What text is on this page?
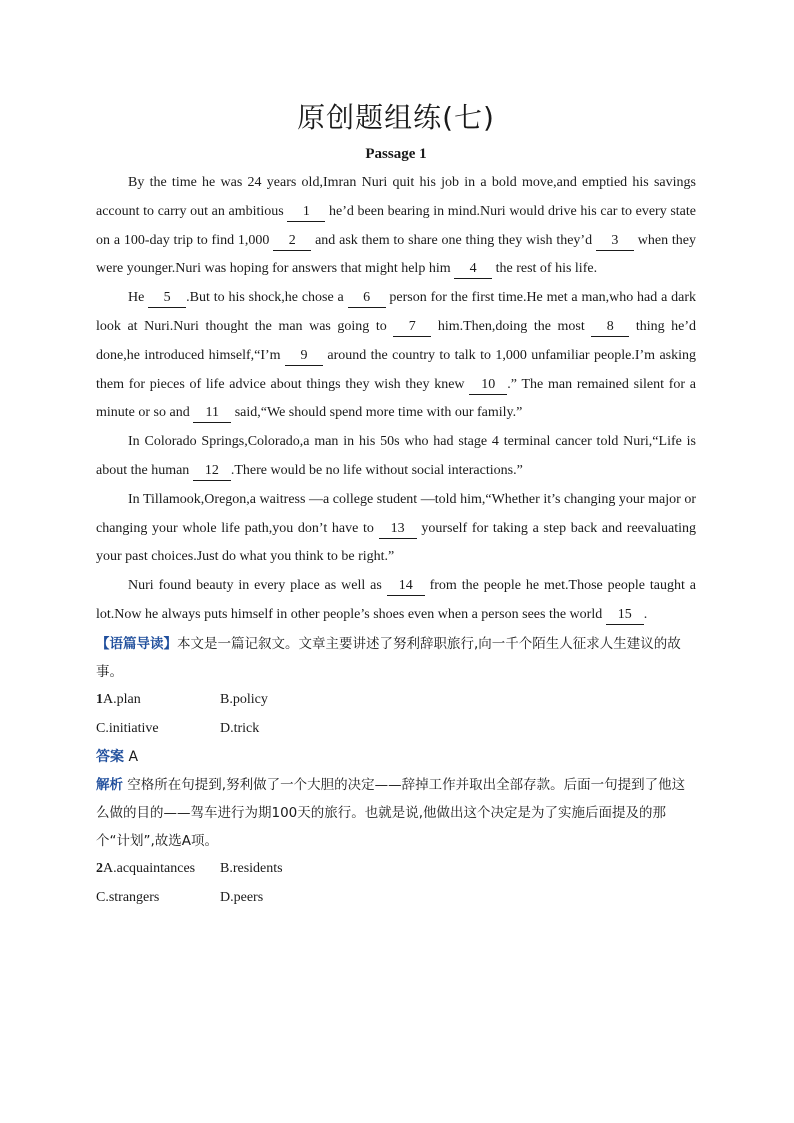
原创题组练(七)
Passage 1

By the time he was 24 years old,Imran Nuri quit his job in a bold move,and emptied his savings account to carry out an ambitious 1 he’d been bearing in mind.Nuri would drive his car to every state on a 100-day trip to find 1,000 2 and ask them to share one thing they wish they’d 3 when they were younger.Nuri was hoping for answers that might help him 4 the rest of his life.

He 5 .But to his shock,he chose a 6 person for the first time.He met a man,who had a dark look at Nuri.Nuri thought the man was going to 7 him.Then,doing the most 8 thing he’d done,he introduced himself,“I’m 9 around the country to talk to 1,000 unfamiliar people.I’m asking them for pieces of life advice about things they wish they knew 10 .” The man remained silent for a minute or so and 11 said,“We should spend more time with our family.”

In Colorado Springs,Colorado,a man in his 50s who had stage 4 terminal cancer told Nuri,“Life is about the human 12 .There would be no life without social interactions.”

In Tillamook,Oregon,a waitress —a college student —told him,“Whether it’s changing your major or changing your whole life path,you don’t have to 13 yourself for taking a step back and reevaluating your past choices.Just do what you think to be right.”

Nuri found beauty in every place as well as 14 from the people he met.Those people taught a lot.Now he always puts himself in other people’s shoes even when a person sees the world 15 .

【语篇导读】本文是一篇记叙文。文章主要讲述了努利辞职旅行,向一千个陌生人征求人生建议的故事。

1A.plan	B.policy
C.initiative	D.trick

答案 A

解析 空格所在句提到,努利做了一个大胆的决定——辞掉工作并取出全部存款。后面一句提到了他这么做的目的——驾车进行为期100天的旅行。也就是说,他做出这个决定是为了实施后面提及的那个“计划”,故选A项。

2A.acquaintances	B.residents
C.strangers	D.peers
